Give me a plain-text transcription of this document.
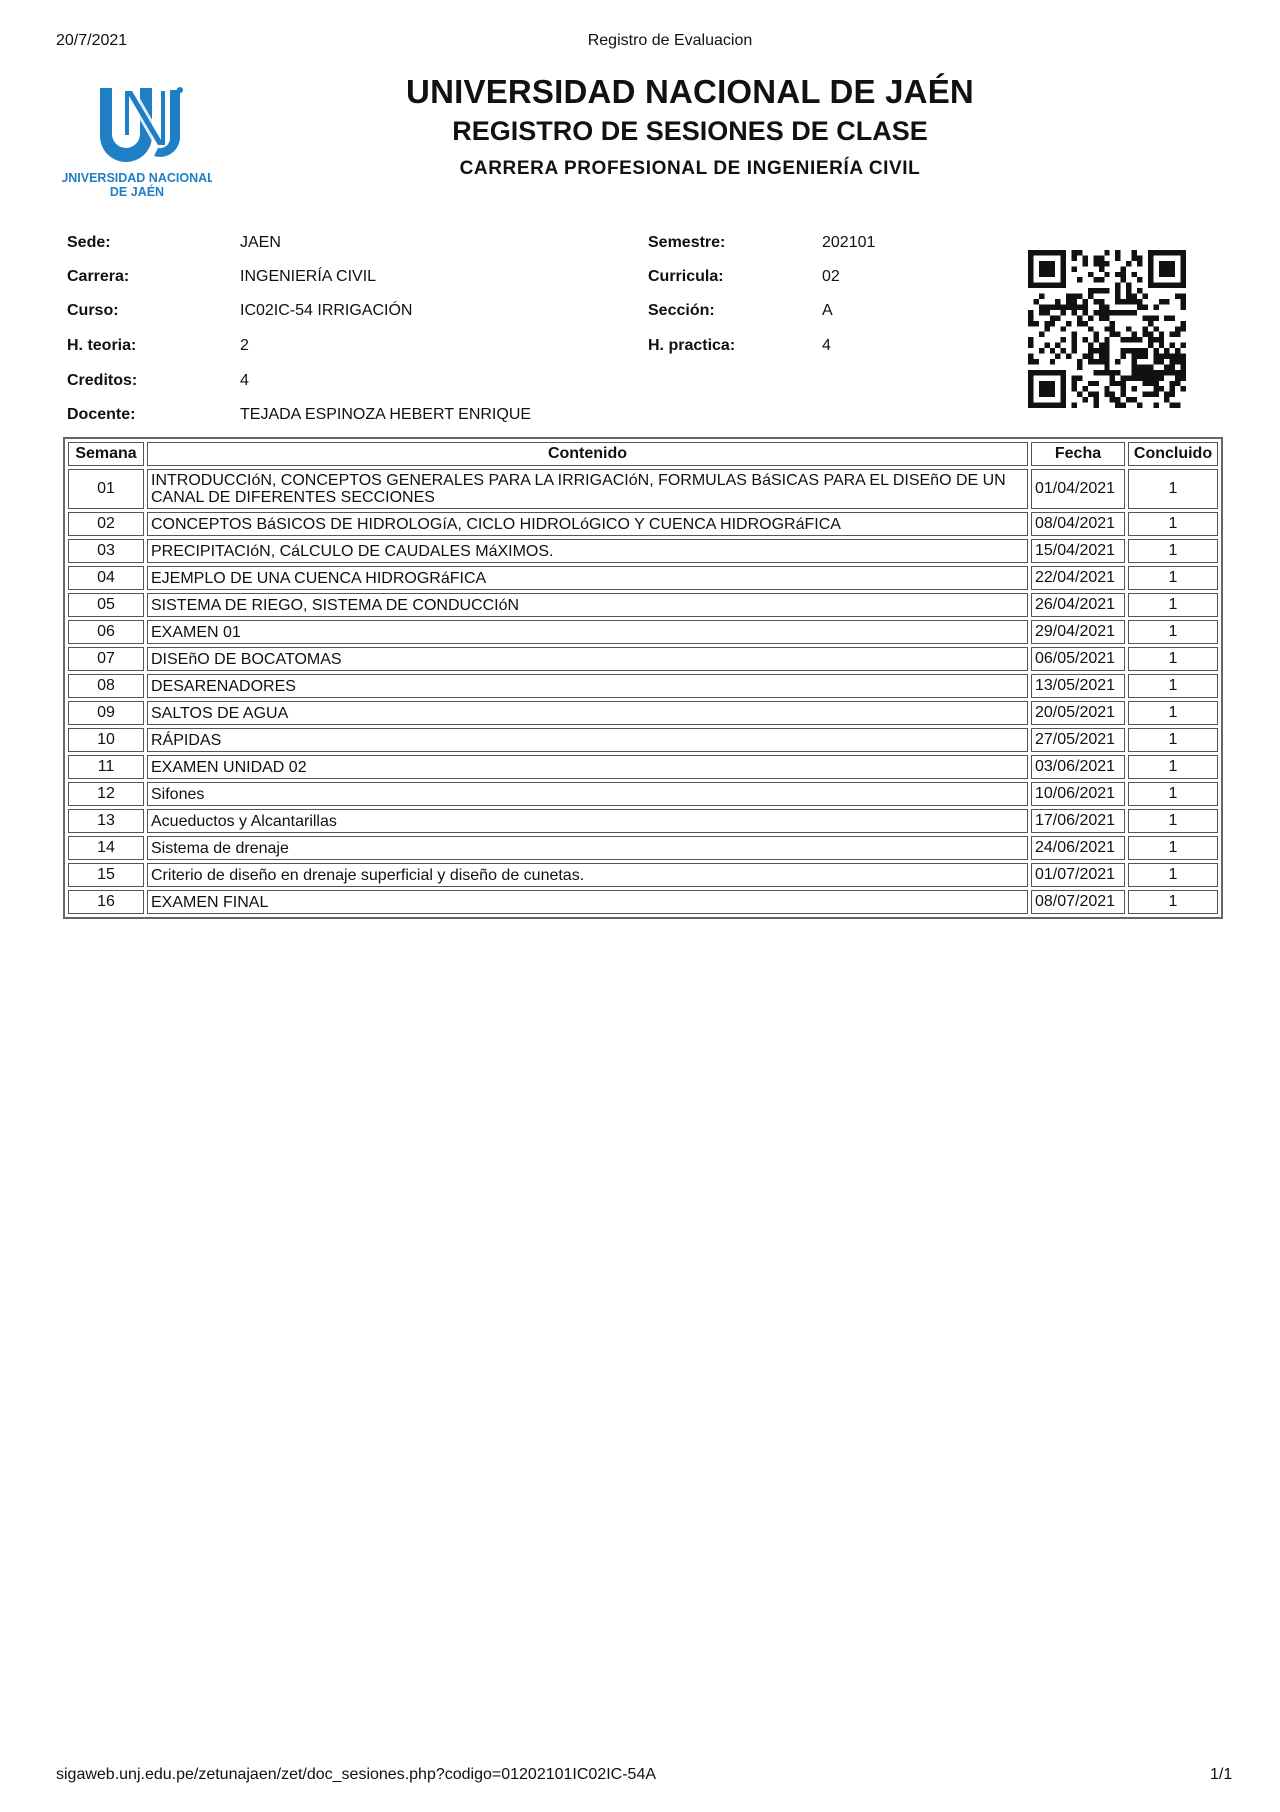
20/7/2021	Registro de Evaluacion
UNIVERSIDAD NACIONAL
DE JAÉN
UNIVERSIDAD NACIONAL DE JAÉN
REGISTRO DE SESIONES DE CLASE
CARRERA PROFESIONAL DE INGENIERÍA CIVIL
Sede:	JAEN
Carrera:	INGENIERÍA CIVIL
Curso:	IC02IC-54 IRRIGACIÓN
H. teoria:	2
Creditos:	4
Docente:	TEJADA ESPINOZA HEBERT ENRIQUE
Semestre:	202101
Curricula:	02
Secci​ón:	A
H. practica:	4
Semana	Contenido	Fecha	Concluido
01	INTRODUCCIóN, CONCEPTOS GENERALES PARA LA IRRIGACIóN, FORMULAS BáSICAS PARA EL DISEñO DE UN CANAL DE DIFERENTES SECCIONES	01/04/2021	1
02	CONCEPTOS BáSICOS DE HIDROLOGíA, CICLO HIDROLóGICO Y CUENCA HIDROGRáFICA	08/04/2021	1
03	PRECIPITACIóN, CáLCULO DE CAUDALES MáXIMOS.	15/04/2021	1
04	EJEMPLO DE UNA CUENCA HIDROGRáFICA	22/04/2021	1
05	SISTEMA DE RIEGO, SISTEMA DE CONDUCCIóN	26/04/2021	1
06	EXAMEN 01	29/04/2021	1
07	DISEñO DE BOCATOMAS	06/05/2021	1
08	DESARENADORES	13/05/2021	1
09	SALTOS DE AGUA	20/05/2021	1
10	RÁPIDAS	27/05/2021	1
11	EXAMEN UNIDAD 02	03/06/2021	1
12	Sifones	10/06/2021	1
13	Acueductos y Alcantarillas	17/06/2021	1
14	Sistema de drenaje	24/06/2021	1
15	Criterio de diseño en drenaje superficial y diseño de cunetas.	01/07/2021	1
16	EXAMEN FINAL	08/07/2021	1
sigaweb.unj.edu.pe/zetunajaen/zet/doc_sesiones.php?codigo=01202101IC02IC-54A	1/1
